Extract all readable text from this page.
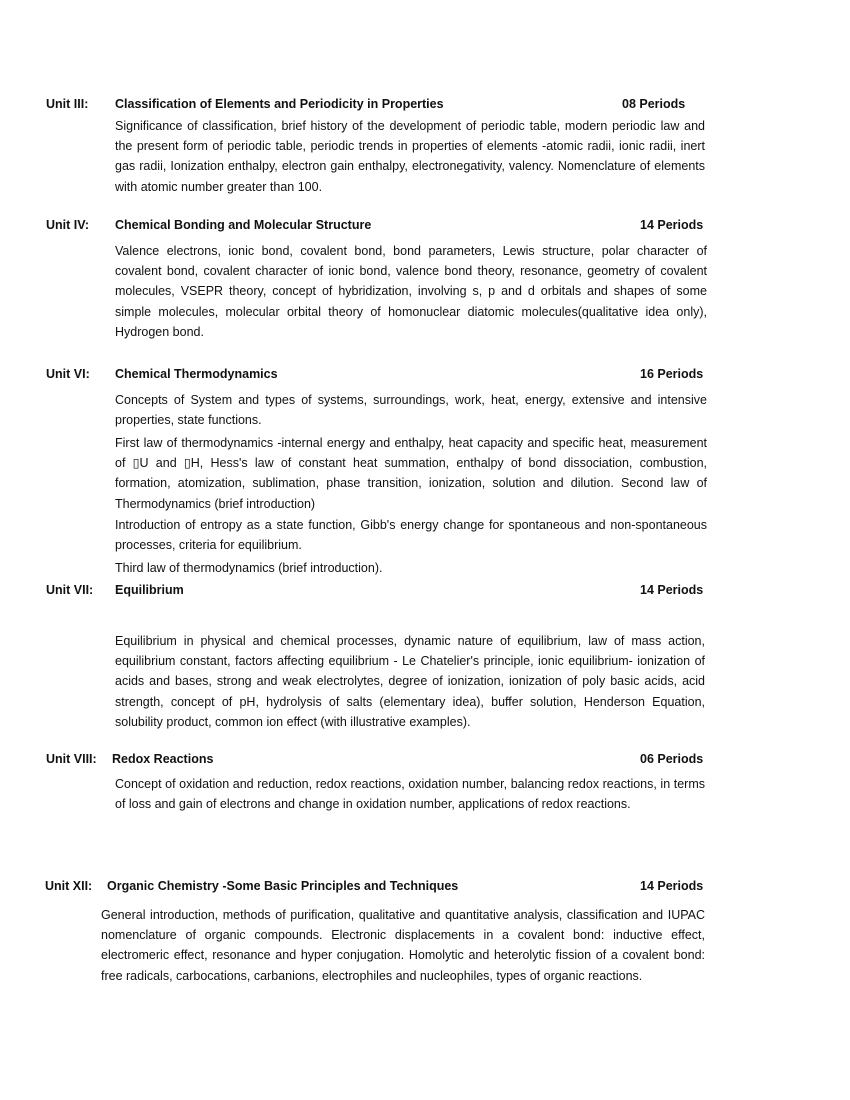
Unit III: Classification of Elements and Periodicity in Properties	08 Periods

Significance of classification, brief history of the development of periodic table, modern periodic law and the present form of periodic table, periodic trends in properties of elements -atomic radii, ionic radii, inert gas radii, Ionization enthalpy, electron gain enthalpy, electronegativity, valency. Nomenclature of elements with atomic number greater than 100.

Unit IV: Chemical Bonding and Molecular Structure	14 Periods

Valence electrons, ionic bond, covalent bond, bond parameters, Lewis structure, polar character of covalent bond, covalent character of ionic bond, valence bond theory, resonance, geometry of covalent molecules, VSEPR theory, concept of hybridization, involving s, p and d orbitals and shapes of some simple molecules, molecular orbital theory of homonuclear diatomic molecules(qualitative idea only), Hydrogen bond.

Unit VI: Chemical Thermodynamics	16 Periods

Concepts of System and types of systems, surroundings, work, heat, energy, extensive and intensive properties, state functions.

First law of thermodynamics -internal energy and enthalpy, heat capacity and specific heat, measurement of ▯U and ▯H, Hess's law of constant heat summation, enthalpy of bond dissociation, combustion, formation, atomization, sublimation, phase transition, ionization, solution and dilution. Second law of Thermodynamics (brief introduction)

Introduction of entropy as a state function, Gibb's energy change for spontaneous and non-spontaneous processes, criteria for equilibrium.

Third law of thermodynamics (brief introduction).

Unit VII: Equilibrium	14 Periods

Equilibrium in physical and chemical processes, dynamic nature of equilibrium, law of mass action, equilibrium constant, factors affecting equilibrium - Le Chatelier's principle, ionic equilibrium- ionization of acids and bases, strong and weak electrolytes, degree of ionization, ionization of poly basic acids, acid strength, concept of pH, hydrolysis of salts (elementary idea), buffer solution, Henderson Equation, solubility product, common ion effect (with illustrative examples).

Unit VIII: Redox Reactions	06 Periods

Concept of oxidation and reduction, redox reactions, oxidation number, balancing redox reactions, in terms of loss and gain of electrons and change in oxidation number, applications of redox reactions.

Unit XII: Organic Chemistry -Some Basic Principles and Techniques	14 Periods

General introduction, methods of purification, qualitative and quantitative analysis, classification and IUPAC nomenclature of organic compounds. Electronic displacements in a covalent bond: inductive effect, electromeric effect, resonance and hyper conjugation. Homolytic and heterolytic fission of a covalent bond: free radicals, carbocations, carbanions, electrophiles and nucleophiles, types of organic reactions.
